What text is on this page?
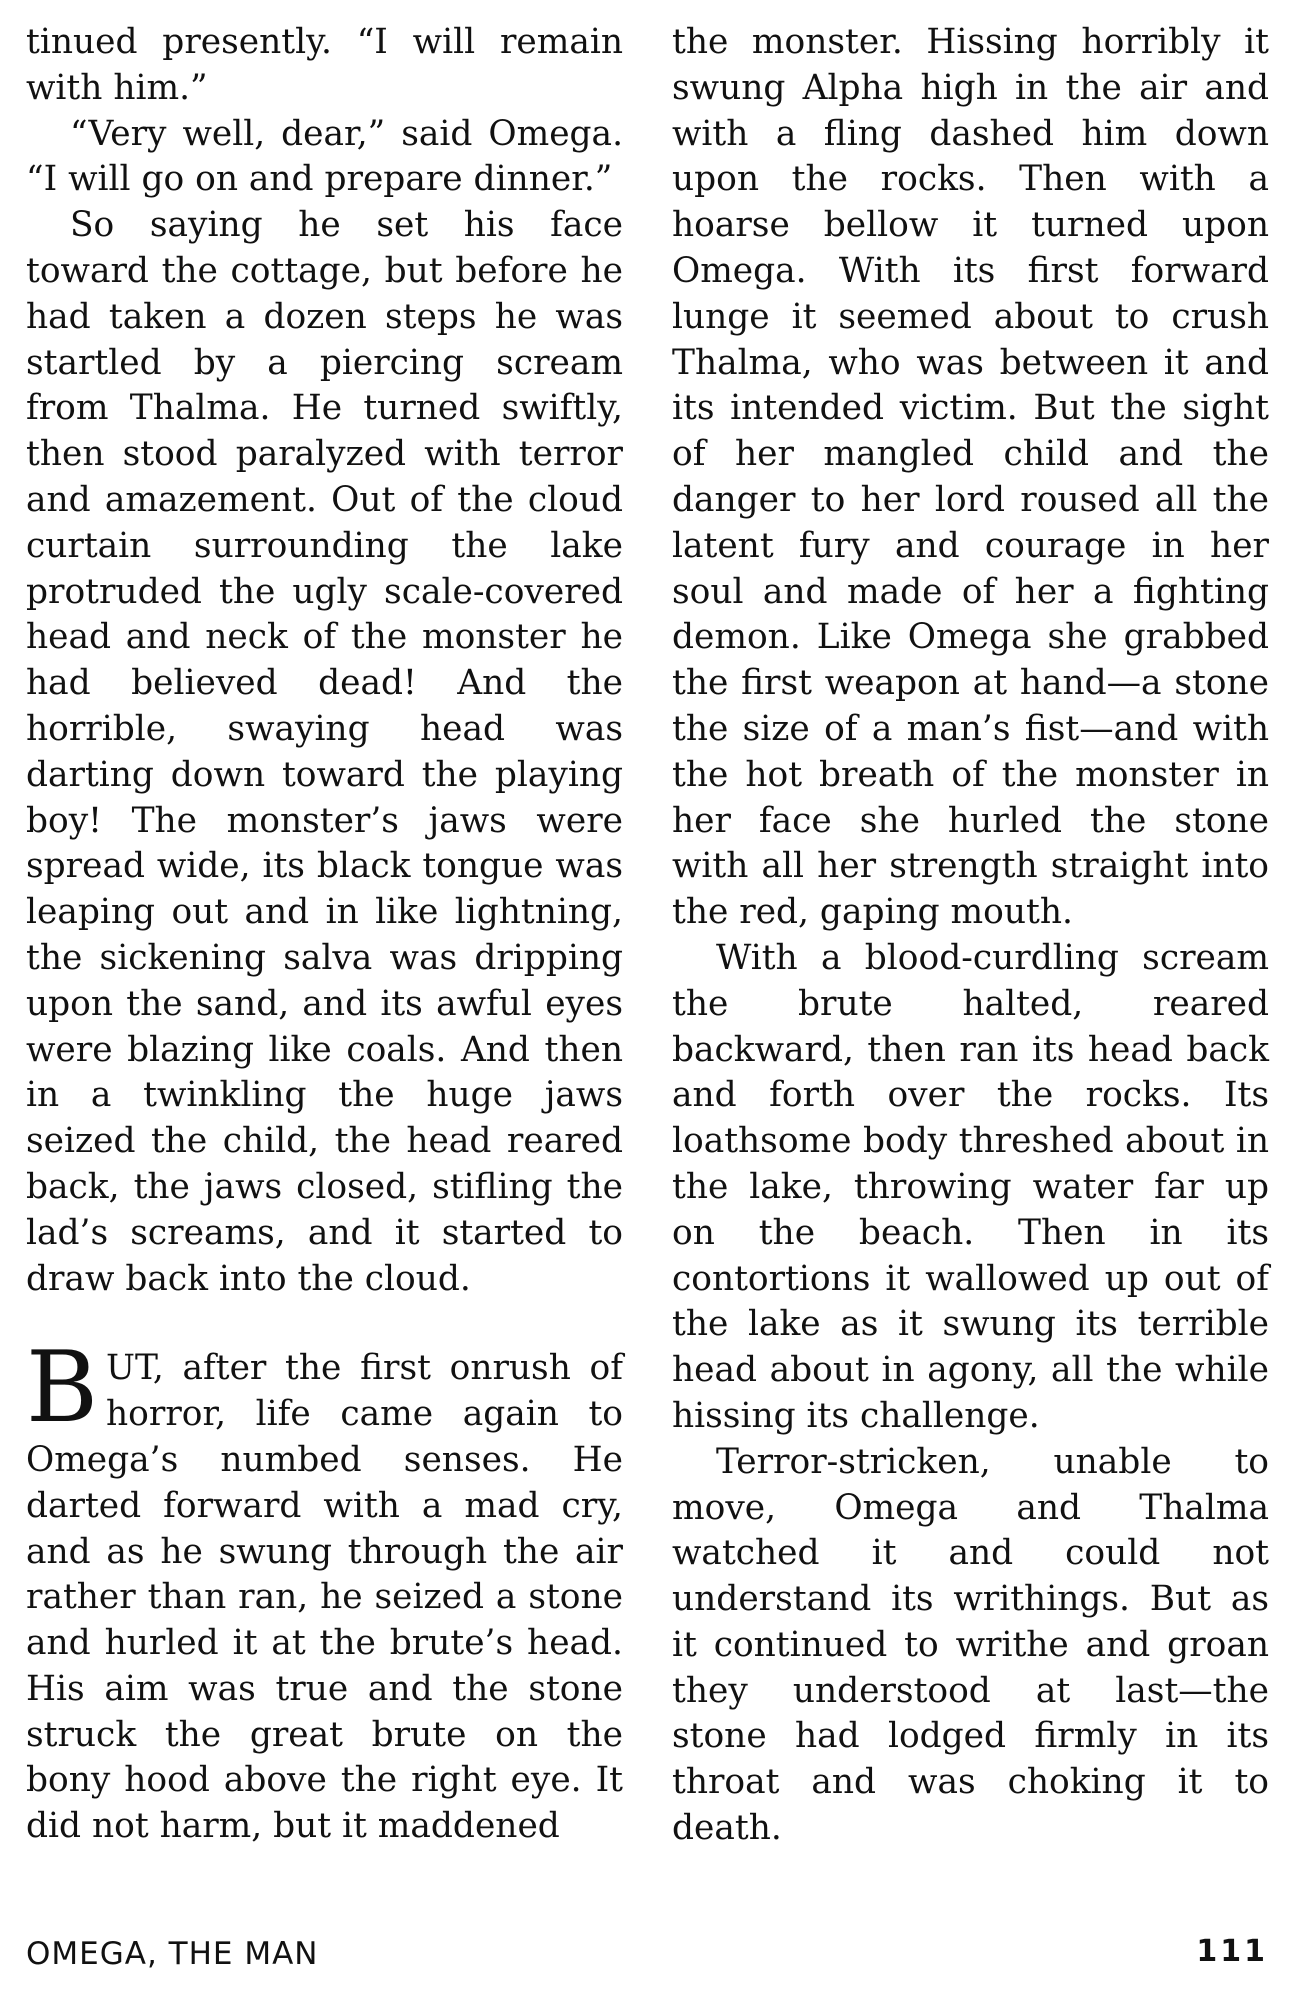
tinued presently. “I will remain with him.”

“Very well, dear,” said Omega. “I will go on and prepare dinner.”

So saying he set his face toward the cottage, but before he had taken a dozen steps he was startled by a piercing scream from Thalma. He turned swiftly, then stood paralyzed with terror and amazement. Out of the cloud curtain surrounding the lake protruded the ugly scale-covered head and neck of the monster he had believed dead! And the horrible, swaying head was darting down toward the playing boy! The monster’s jaws were spread wide, its black tongue was leaping out and in like lightning, the sickening salva was dripping upon the sand, and its awful eyes were blazing like coals. And then in a twinkling the huge jaws seized the child, the head reared back, the jaws closed, stifling the lad’s screams, and it started to draw back into the cloud.

BUT, after the first onrush of horror, life came again to Omega’s numbed senses. He darted forward with a mad cry, and as he swung through the air rather than ran, he seized a stone and hurled it at the brute’s head. His aim was true and the stone struck the great brute on the bony hood above the right eye. It did not harm, but it maddened

the monster. Hissing horribly it swung Alpha high in the air and with a fling dashed him down upon the rocks. Then with a hoarse bellow it turned upon Omega. With its first forward lunge it seemed about to crush Thalma, who was between it and its intended victim. But the sight of her mangled child and the danger to her lord roused all the latent fury and courage in her soul and made of her a fighting demon. Like Omega she grabbed the first weapon at hand—a stone the size of a man’s fist—and with the hot breath of the monster in her face she hurled the stone with all her strength straight into the red, gaping mouth.

With a blood-curdling scream the brute halted, reared backward, then ran its head back and forth over the rocks. Its loathsome body threshed about in the lake, throwing water far up on the beach. Then in its contortions it wallowed up out of the lake as it swung its terrible head about in agony, all the while hissing its challenge.

Terror-stricken, unable to move, Omega and Thalma watched it and could not understand its writhings. But as it continued to writhe and groan they understood at last—the stone had lodged firmly in its throat and was choking it to death.

OMEGA, THE MAN	111
